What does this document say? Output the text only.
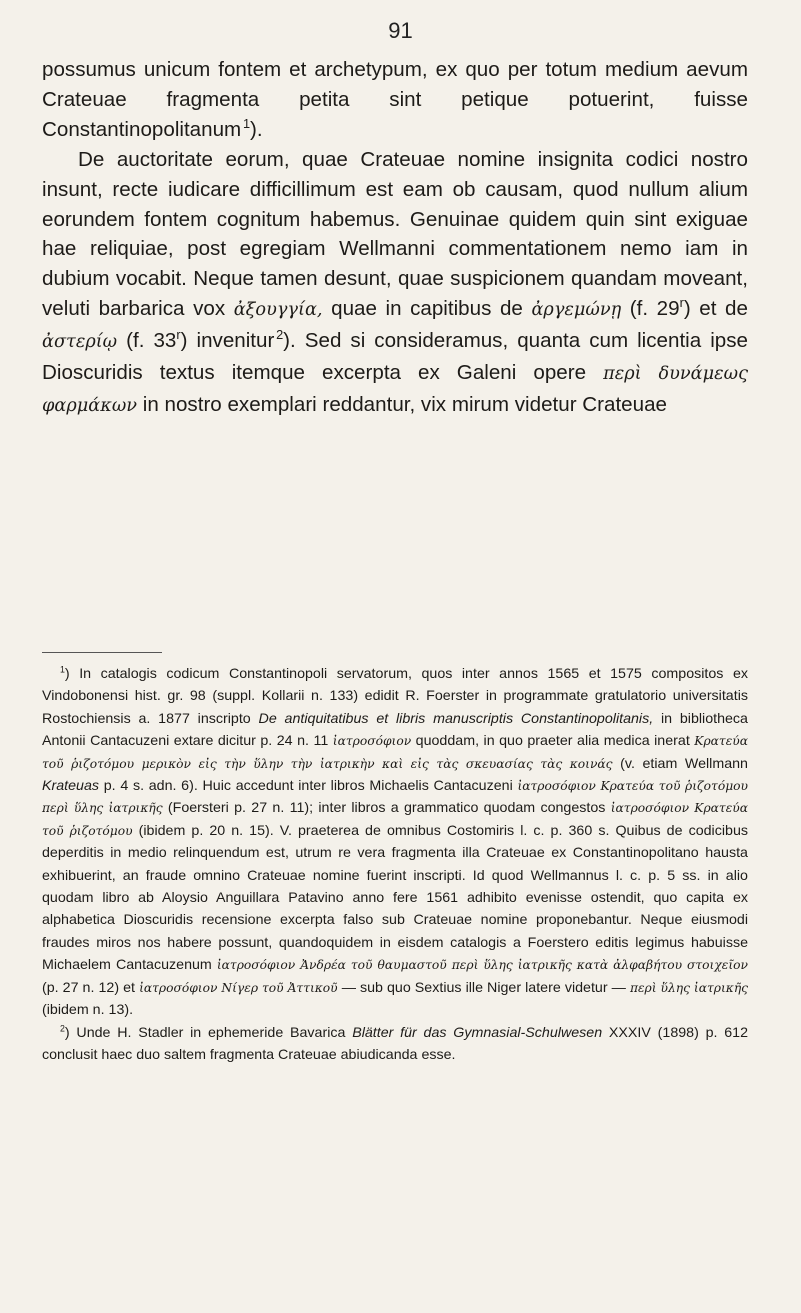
91

possumus unicum fontem et archetypum, ex quo per totum medium aevum Crateuae fragmenta petita sint petique potuerint, fuisse Constantinopolitanum  $^1$).

De auctoritate eorum, quae Crateuae nomine insignita codici nostro insunt, recte iudicare difficillimum est eam ob causam, quod nullum alium eorundem fontem cognitum habemus. Genuinae quidem quin sint exiguae hae reliquiae, post egregiam Wellmanni commentationem nemo iam in dubium vocabit. Neque tamen desunt, quae suspicionem quandam moveant, veluti barbarica vox ἀξουγγία, quae in capitibus de ἀργεμώνῃ (f. 29$^r$) et de ἀστερίῳ (f. 33$^r$) invenitur  $^2$). Sed si consideramus, quanta cum licentia ipse Dioscuridis textus itemque excerpta ex Galeni opere περὶ δυνάμεως φαρμάκων in nostro exemplari reddantur, vix mirum videtur Crateuae

$^1$) In catalogis codicum Constantinopoli servatorum, quos inter annos 1565 et 1575 compositos ex Vindobonensi hist. gr. 98 (suppl. Kollarii n. 133) edidit R. Foerster in programmate gratulatorio universitatis Rostochiensis a. 1877 inscripto De antiquitatibus et libris manuscriptis Constantinopolitanis, in bibliotheca Antonii Cantacuzeni extare dicitur p. 24 n. 11 ἰατροσόφιον quoddam, in quo praeter alia medica inerat Κρατεύα τοῦ ῥιζοτόμου μερικὸν εἰς τὴν ὕλην τὴν ἰατρικὴν καὶ εἰς τὰς σκευασίας τὰς κοινάς (v. etiam Wellmann Krateuas p. 4 s. adn. 6). Huic accedunt inter libros Michaelis Cantacuzeni ἰατροσόφιον Κρατεύα τοῦ ῥιζοτόμου περὶ ὕλης ἰατρικῆς (Foersteri p. 27 n. 11); inter libros a grammatico quodam congestos ἰατροσόφιον Κρατεύα τοῦ ῥιζοτόμου (ibidem p. 20 n. 15). V. praeterea de omnibus Costomiris l. c. p. 360 s. Quibus de codicibus deperditis in medio relinquendum est, utrum re vera fragmenta illa Crateuae ex Constantinopolitano hausta exhibuerint, an fraude omnino Crateuae nomine fuerint inscripti. Id quod Wellmannus l. c. p. 5 ss. in alio quodam libro ab Aloysio Anguillara Patavino anno fere 1561 adhibito evenisse ostendit, quo capita ex alphabetica Dioscuridis recensione excerpta falso sub Crateuae nomine proponebantur. Neque eiusmodi fraudes miros nos habere possunt, quandoquidem in eisdem catalogis a Foerstero editis legimus habuisse Michaelem Cantacuzenum ἰατροσόφιον Ἀνδρέα τοῦ θαυμαστοῦ περὶ ὕλης ἰατρικῆς κατὰ ἀλφαβήτου στοιχεῖον (p. 27 n. 12) et ἰατροσόφιον Νίγερ τοῦ Ἀττικοῦ — sub quo Sextius ille Niger latere videtur — περὶ ὕλης ἰατρικῆς (ibidem n. 13).

$^2$) Unde H. Stadler in ephemeride Bavarica Blätter für das Gymnasial-Schulwesen XXXIV (1898) p. 612 conclusit haec duo saltem fragmenta Crateuae abiudicanda esse.
